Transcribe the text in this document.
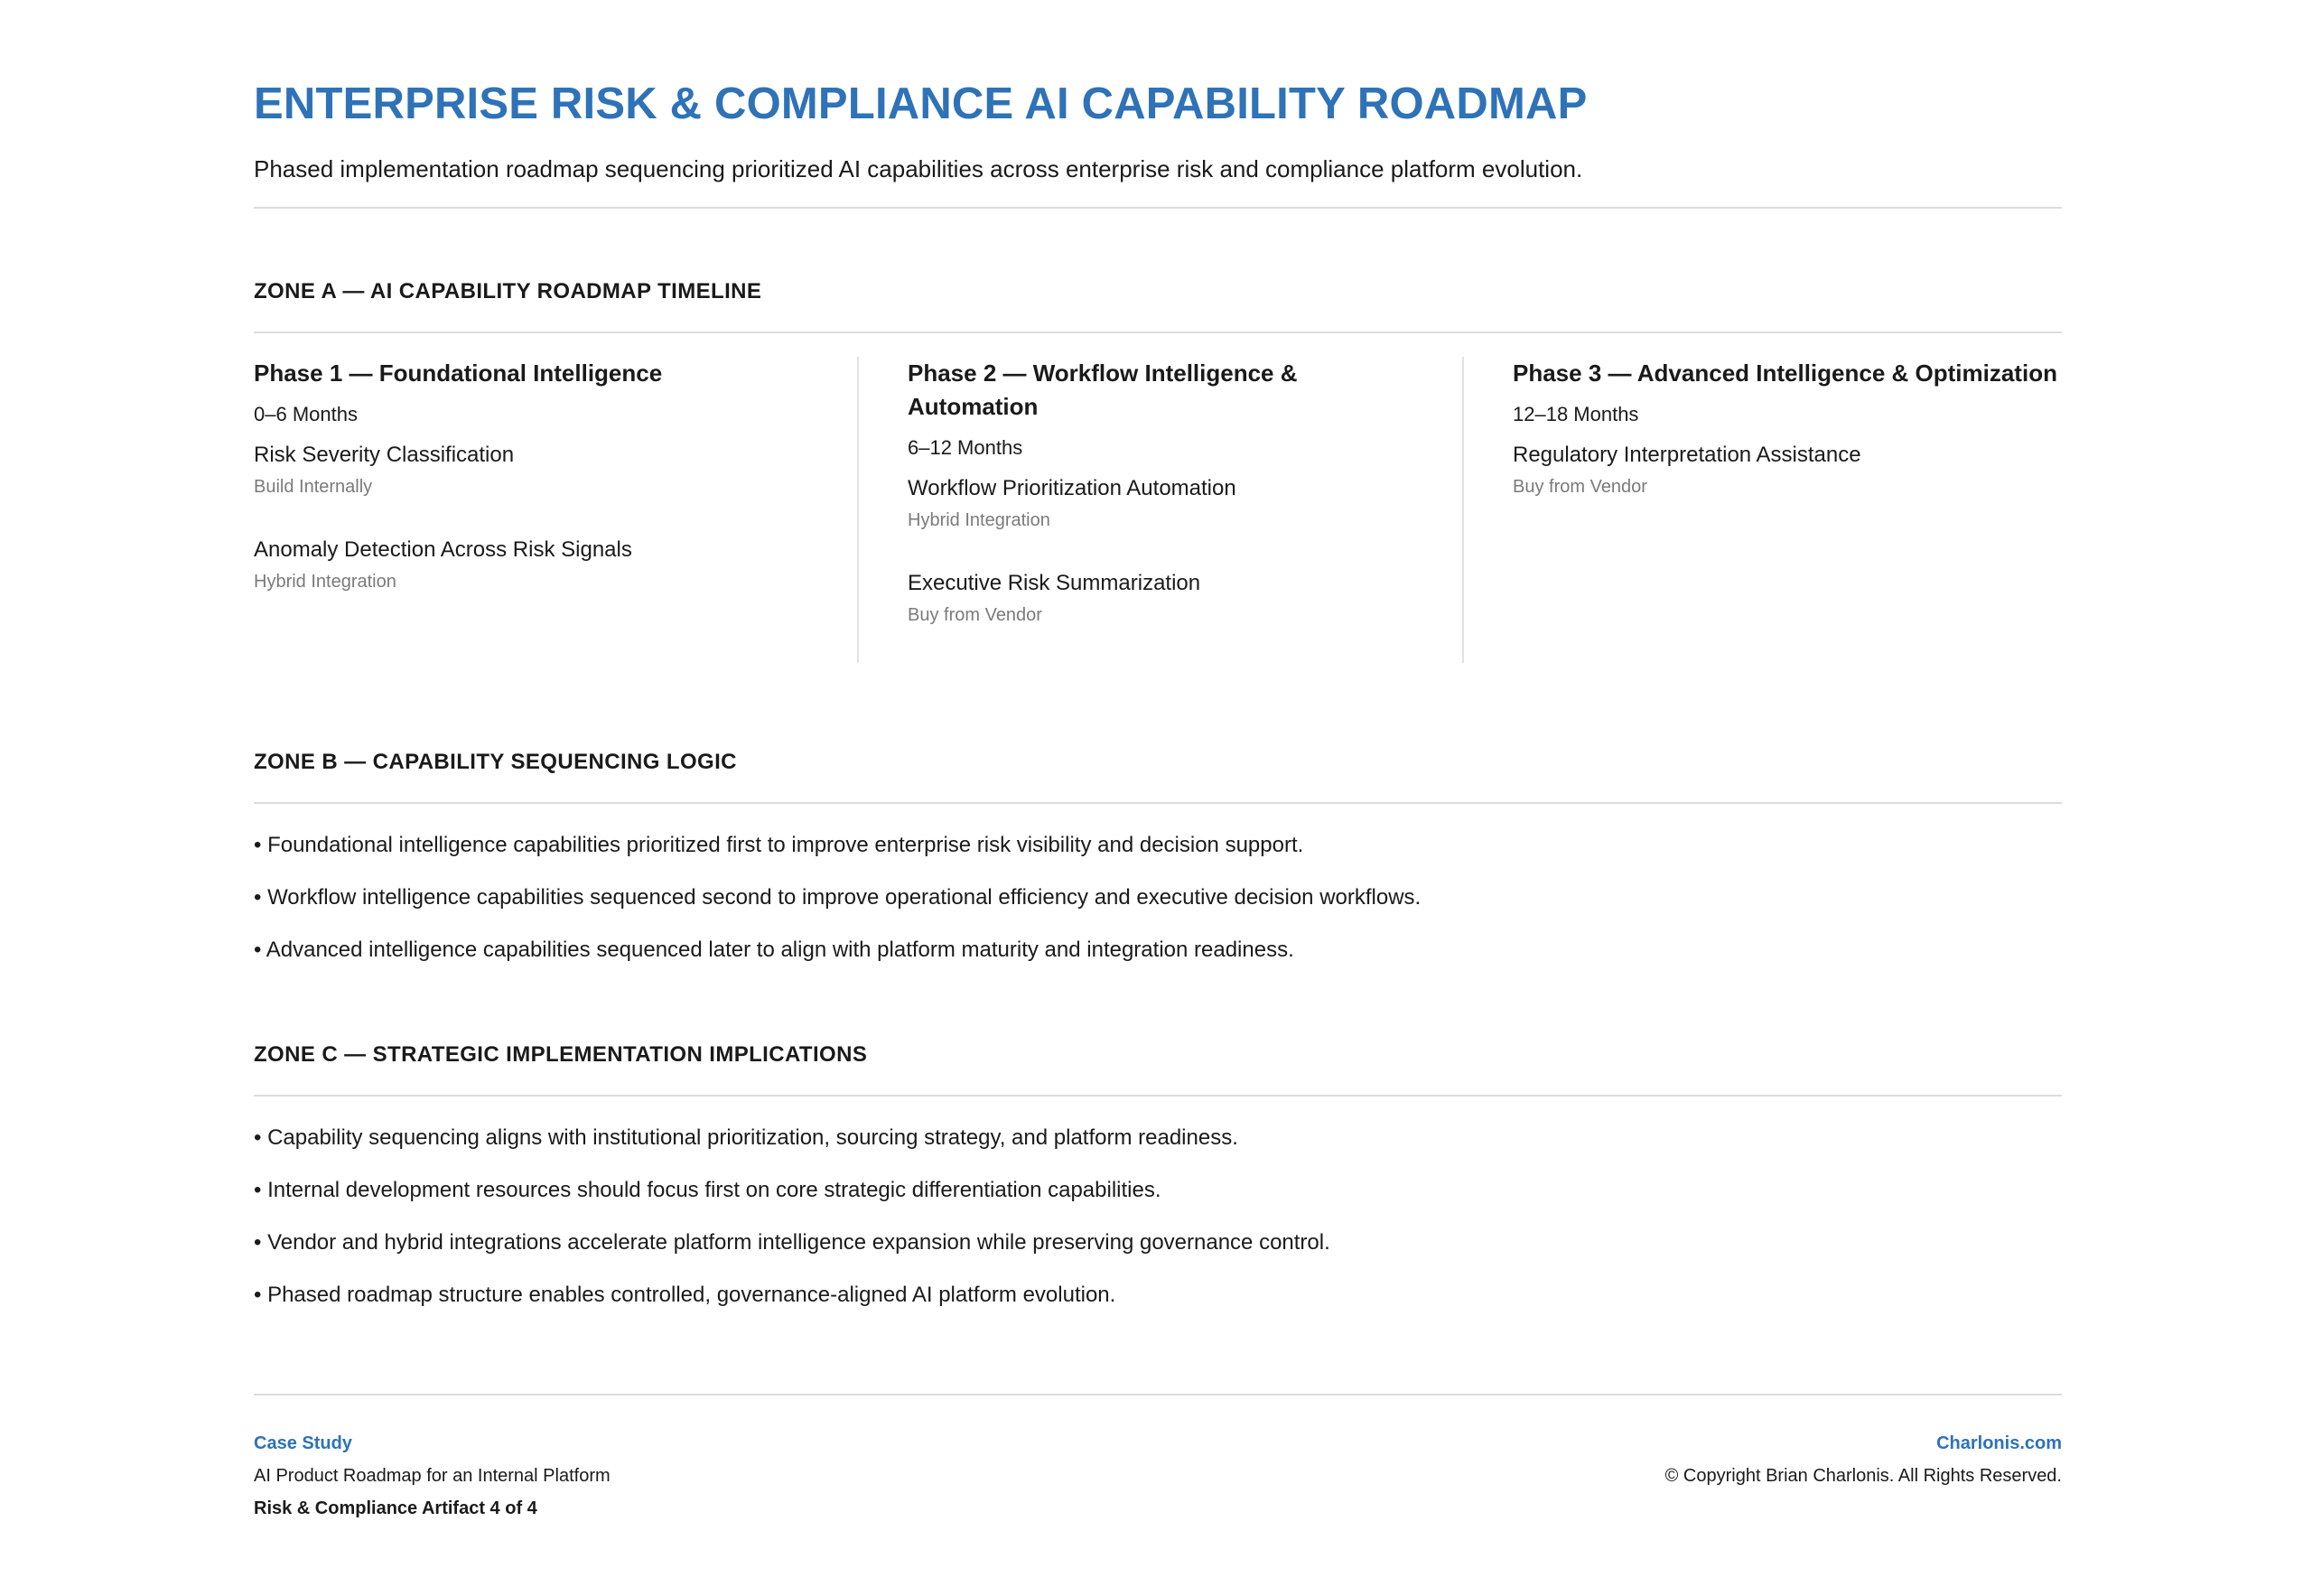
ENTERPRISE RISK & COMPLIANCE AI CAPABILITY ROADMAP

Phased implementation roadmap sequencing prioritized AI capabilities across enterprise risk and compliance platform evolution.

ZONE A — AI CAPABILITY ROADMAP TIMELINE

Phase 1 — Foundational Intelligence

0–6 Months

Risk Severity Classification
Build Internally
Anomaly Detection Across Risk Signals
Hybrid Integration

Phase 2 — Workflow Intelligence & Automation

6–12 Months

Workflow Prioritization Automation
Hybrid Integration
Executive Risk Summarization
Buy from Vendor

Phase 3 — Advanced Intelligence & Optimization

12–18 Months

Regulatory Interpretation Assistance
Buy from Vendor
ZONE B — CAPABILITY SEQUENCING LOGIC
• Foundational intelligence capabilities prioritized first to improve enterprise risk visibility and decision support.
• Workflow intelligence capabilities sequenced second to improve operational efficiency and executive decision workflows.
• Advanced intelligence capabilities sequenced later to align with platform maturity and integration readiness.
ZONE C — STRATEGIC IMPLEMENTATION IMPLICATIONS
• Capability sequencing aligns with institutional prioritization, sourcing strategy, and platform readiness.
• Internal development resources should focus first on core strategic differentiation capabilities.
• Vendor and hybrid integrations accelerate platform intelligence expansion while preserving governance control.
• Phased roadmap structure enables controlled, governance-aligned AI platform evolution.
Case Study
AI Product Roadmap for an Internal Platform
Risk & Compliance Artifact 4 of 4
Charlonis.com
© Copyright Brian Charlonis. All Rights Reserved.
